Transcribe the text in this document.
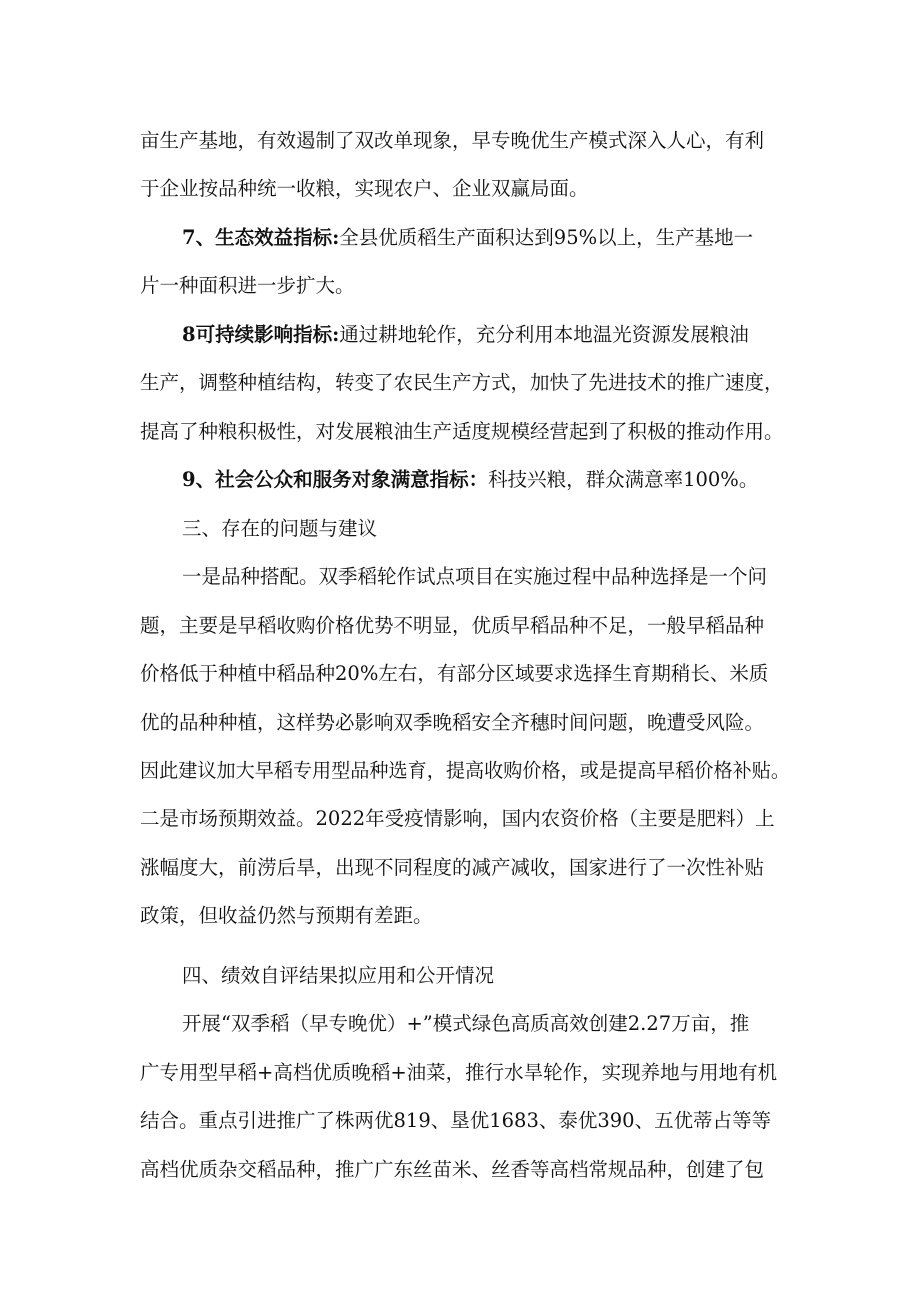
亩生产基地，有效遏制了双改单现象，早专晚优生产模式深入人心，有利
于企业按品种统一收粮，实现农户、企业双赢局面。
7、生态效益指标:全县优质稻生产面积达到95%以上，生产基地一
片一种面积进一步扩大。
8可持续影响指标:通过耕地轮作，充分利用本地温光资源发展粮油
生产，调整种植结构，转变了农民生产方式，加快了先进技术的推广速度，
提高了种粮积极性，对发展粮油生产适度规模经营起到了积极的推动作用。
9、社会公众和服务对象满意指标：科技兴粮，群众满意率100%。
三、存在的问题与建议
一是品种搭配。双季稻轮作试点项目在实施过程中品种选择是一个问
题，主要是早稻收购价格优势不明显，优质早稻品种不足，一般早稻品种
价格低于种植中稻品种20%左右，有部分区域要求选择生育期稍长、米质
优的品种种植，这样势必影响双季晚稻安全齐穗时间问题，晚遭受风险。
因此建议加大早稻专用型品种选育，提高收购价格，或是提高早稻价格补贴。
二是市场预期效益。2022年受疫情影响，国内农资价格（主要是肥料）上
涨幅度大，前涝后旱，出现不同程度的减产减收，国家进行了一次性补贴
政策，但收益仍然与预期有差距。
四、绩效自评结果拟应用和公开情况
开展“双季稻（早专晚优）+”模式绿色高质高效创建2.27万亩，推
广专用型早稻+高档优质晚稻+油菜，推行水旱轮作，实现养地与用地有机
结合。重点引进推广了株两优819、垦优1683、泰优390、五优蒂占等等
高档优质杂交稻品种，推广广东丝苗米、丝香等高档常规品种，创建了包
